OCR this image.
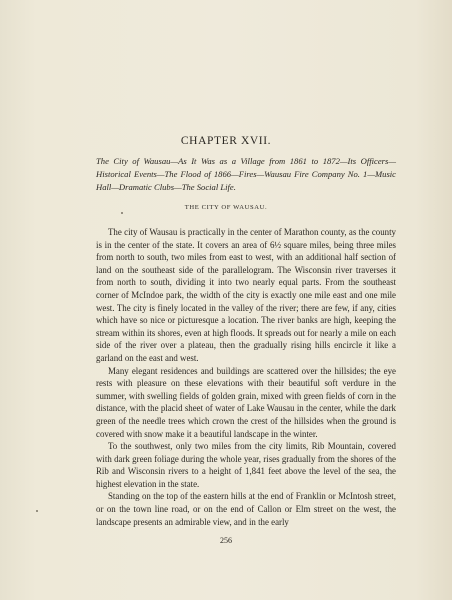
CHAPTER XVII.
The City of Wausau—As It Was as a Village from 1861 to 1872—Its Officers—Historical Events—The Flood of 1866—Fires—Wausau Fire Company No. 1—Music Hall—Dramatic Clubs—The Social Life.
THE CITY OF WAUSAU.

The city of Wausau is practically in the center of Marathon county, as the county is in the center of the state. It covers an area of 6½ square miles, being three miles from north to south, two miles from east to west, with an additional half section of land on the southeast side of the parallelogram. The Wisconsin river traverses it from north to south, dividing it into two nearly equal parts. From the southeast corner of McIndoe park, the width of the city is exactly one mile east and one mile west. The city is finely located in the valley of the river; there are few, if any, cities which have so nice or picturesque a location. The river banks are high, keeping the stream within its shores, even at high floods. It spreads out for nearly a mile on each side of the river over a plateau, then the gradually rising hills encircle it like a garland on the east and west.

Many elegant residences and buildings are scattered over the hillsides; the eye rests with pleasure on these elevations with their beautiful soft verdure in the summer, with swelling fields of golden grain, mixed with green fields of corn in the distance, with the placid sheet of water of Lake Wausau in the center, while the dark green of the needle trees which crown the crest of the hillsides when the ground is covered with snow make it a beautiful landscape in the winter.

To the southwest, only two miles from the city limits, Rib Mountain, covered with dark green foliage during the whole year, rises gradually from the shores of the Rib and Wisconsin rivers to a height of 1,841 feet above the level of the sea, the highest elevation in the state.

Standing on the top of the eastern hills at the end of Franklin or McIntosh street, or on the town line road, or on the end of Callon or Elm street on the west, the landscape presents an admirable view, and in the early

256
